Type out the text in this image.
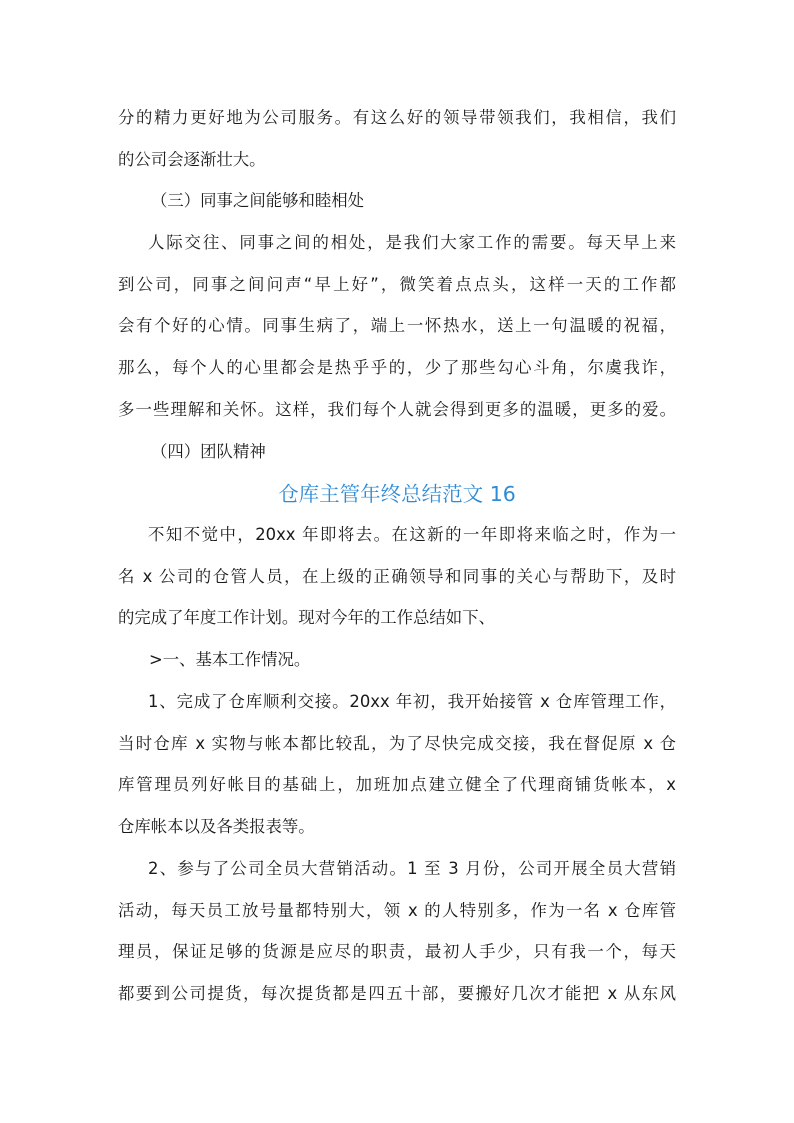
分的精力更好地为公司服务。有这么好的领导带领我们，我相信，我们
的公司会逐渐壮大。

（三）同事之间能够和睦相处

人际交往、同事之间的相处，是我们大家工作的需要。每天早上来
到公司，同事之间问声“早上好”，微笑着点点头，这样一天的工作都
会有个好的心情。同事生病了，端上一怀热水，送上一句温暖的祝福，
那么，每个人的心里都会是热乎乎的，少了那些勾心斗角，尔虞我诈，
多一些理解和关怀。这样，我们每个人就会得到更多的温暖，更多的爱。

（四）团队精神

仓库主管年终总结范文 16

不知不觉中，20xx 年即将去。在这新的一年即将来临之时，作为一
名 x 公司的仓管人员，在上级的正确领导和同事的关心与帮助下，及时
的完成了年度工作计划。现对今年的工作总结如下、

>一、基本工作情况。

1、完成了仓库顺利交接。20xx 年初，我开始接管 x 仓库管理工作，
当时仓库 x 实物与帐本都比较乱，为了尽快完成交接，我在督促原 x 仓
库管理员列好帐目的基础上，加班加点建立健全了代理商铺货帐本，x
仓库帐本以及各类报表等。

2、参与了公司全员大营销活动。1 至 3 月份，公司开展全员大营销
活动，每天员工放号量都特别大，领 x 的人特别多，作为一名 x 仓库管
理员，保证足够的货源是应尽的职责，最初人手少，只有我一个，每天
都要到公司提货，每次提货都是四五十部，要搬好几次才能把 x 从东风
